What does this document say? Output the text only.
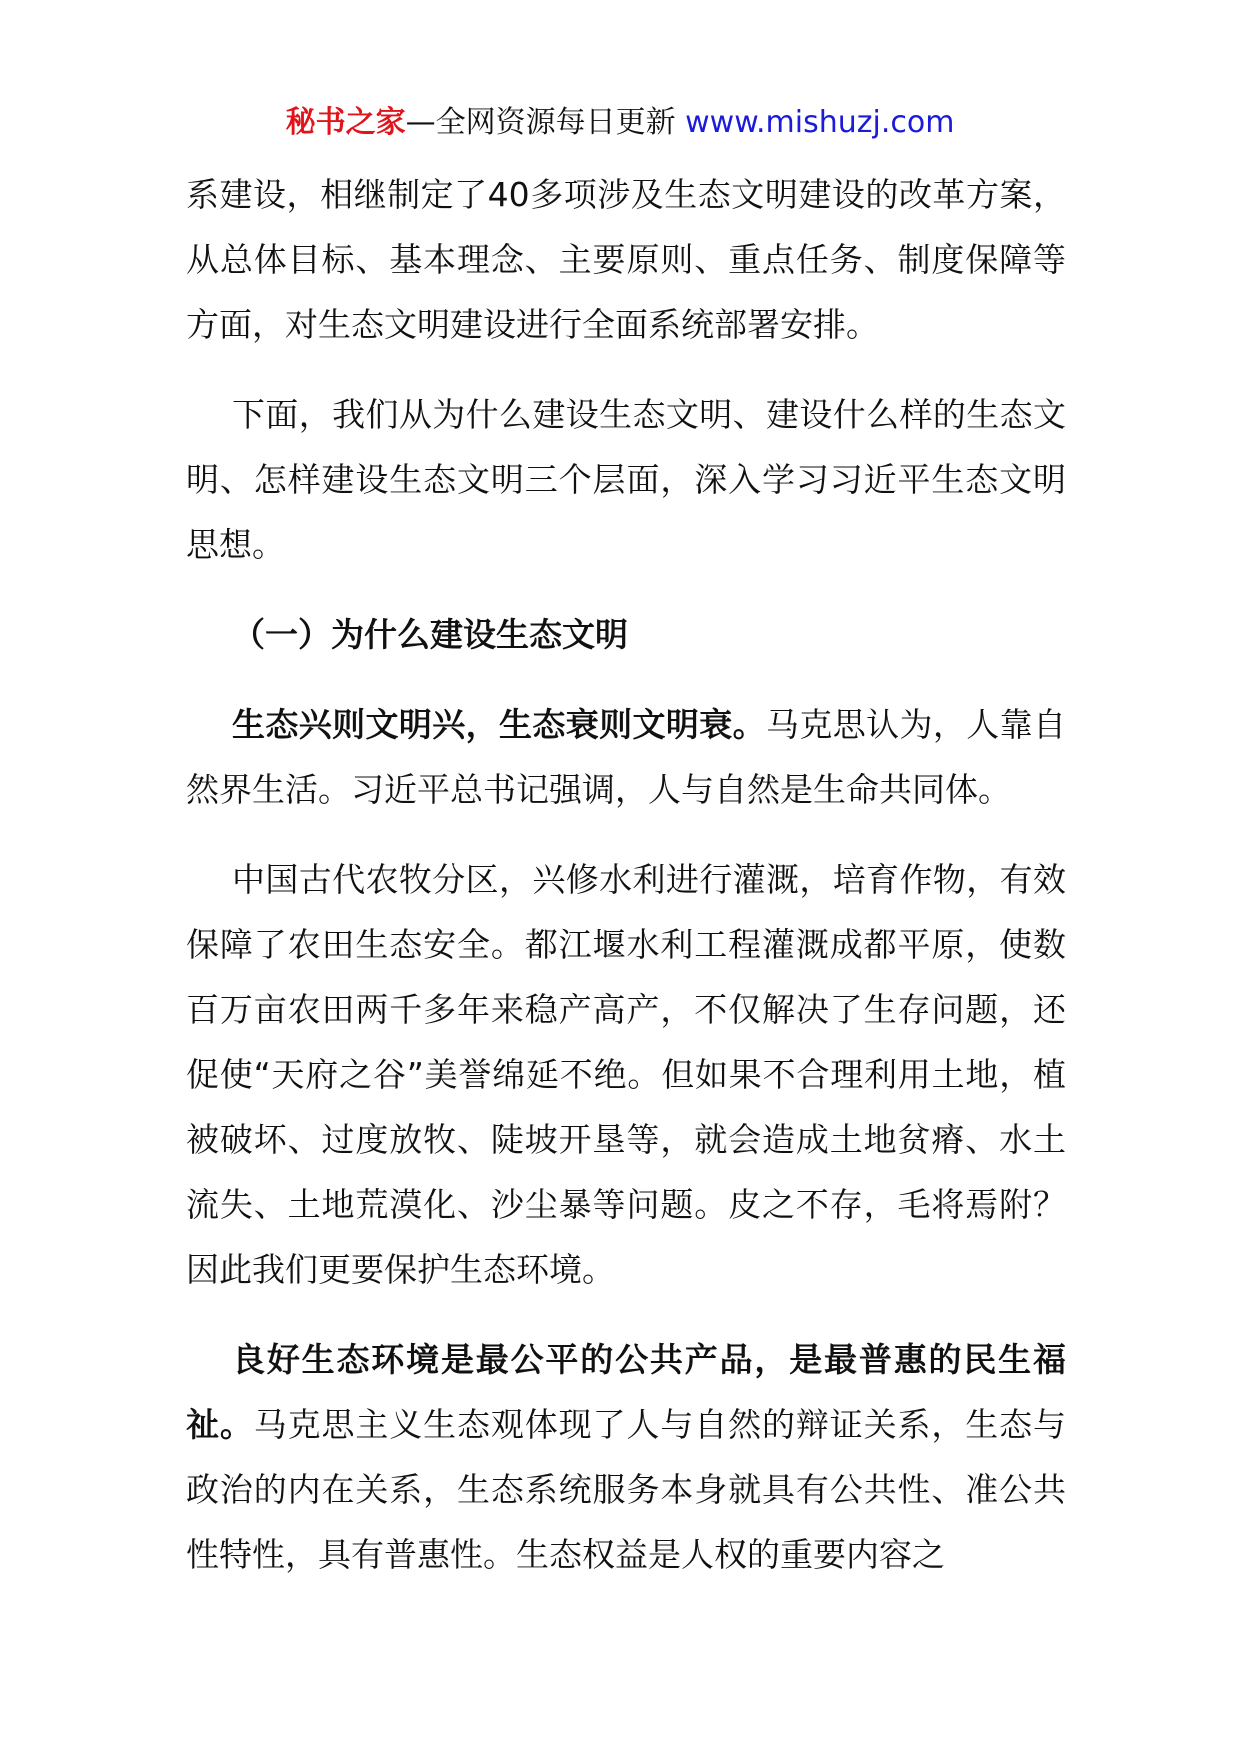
秘书之家—全网资源每日更新 www.mishuzj.com

系建设，相继制定了40多项涉及生态文明建设的改革方案，从总体目标、基本理念、主要原则、重点任务、制度保障等方面，对生态文明建设进行全面系统部署安排。

下面，我们从为什么建设生态文明、建设什么样的生态文明、怎样建设生态文明三个层面，深入学习习近平生态文明思想。

（一）为什么建设生态文明

生态兴则文明兴，生态衰则文明衰。马克思认为，人靠自然界生活。习近平总书记强调，人与自然是生命共同体。

中国古代农牧分区，兴修水利进行灌溉，培育作物，有效保障了农田生态安全。都江堰水利工程灌溉成都平原，使数百万亩农田两千多年来稳产高产，不仅解决了生存问题，还促使“天府之谷”美誉绵延不绝。但如果不合理利用土地，植被破坏、过度放牧、陡坡开垦等，就会造成土地贫瘠、水土流失、土地荒漠化、沙尘暴等问题。皮之不存，毛将焉附？因此我们更要保护生态环境。

良好生态环境是最公平的公共产品，是最普惠的民生福祉。马克思主义生态观体现了人与自然的辩证关系，生态与政治的内在关系，生态系统服务本身就具有公共性、准公共性特性，具有普惠性。生态权益是人权的重要内容之
